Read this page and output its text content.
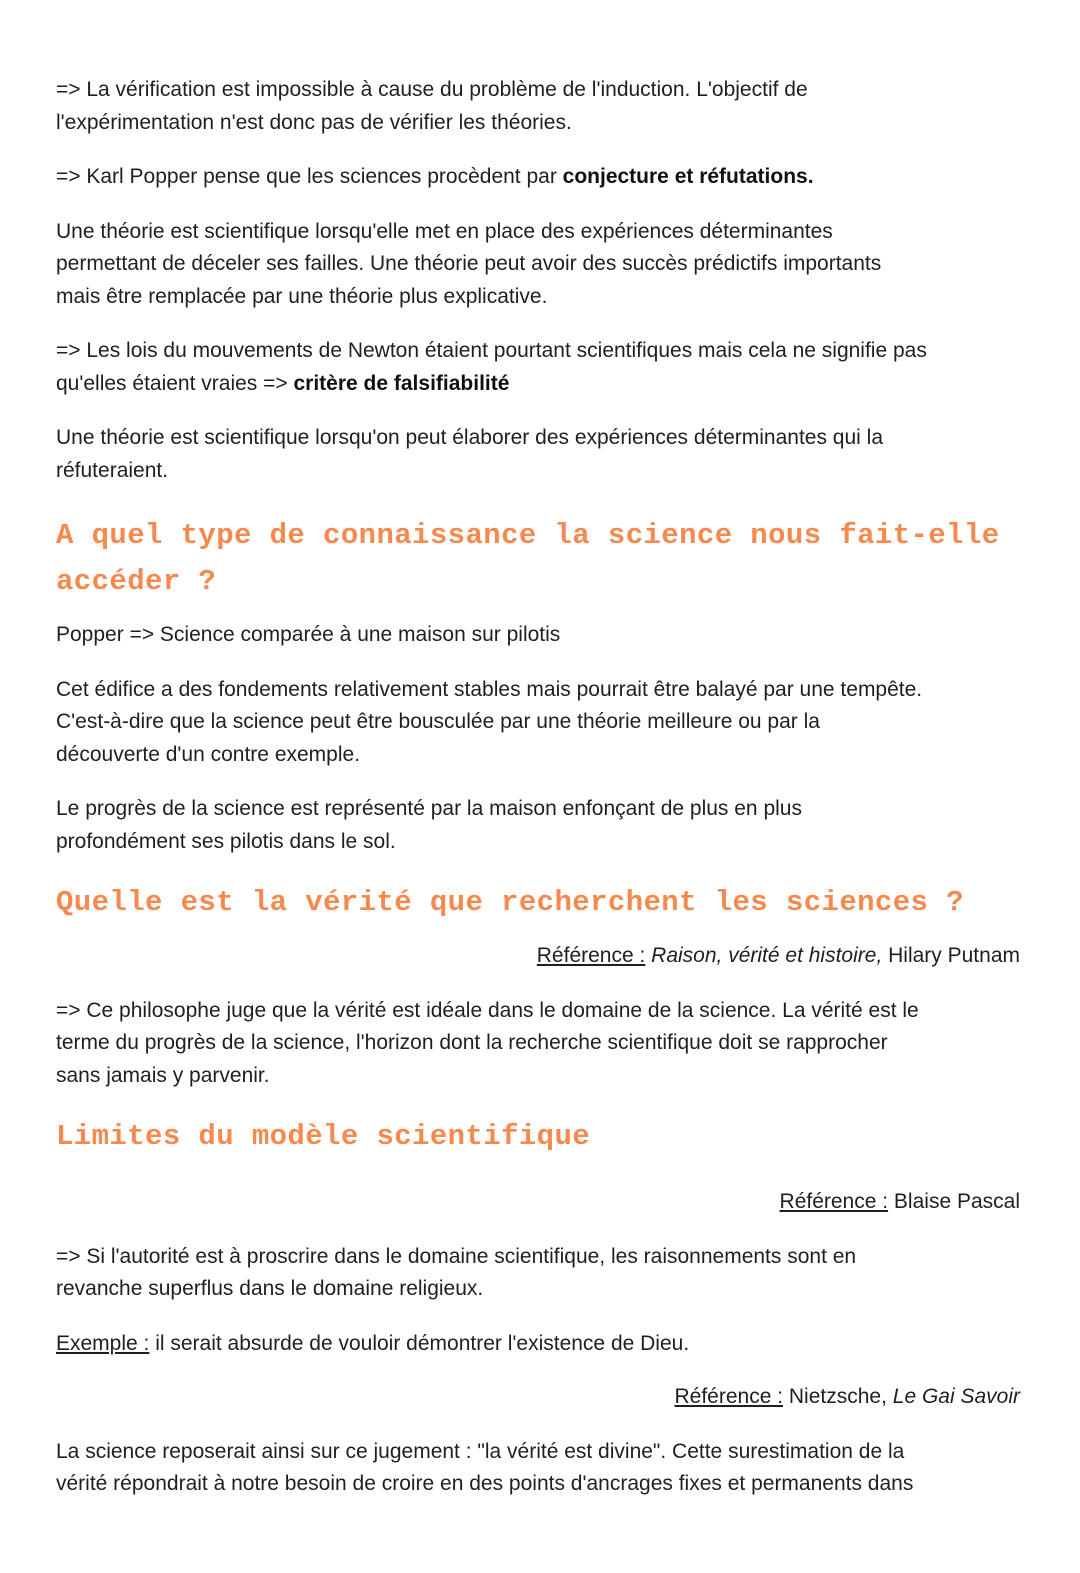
=> La vérification est impossible à cause du problème de l'induction. L'objectif de
l'expérimentation n'est donc pas de vérifier les théories.

=> Karl Popper pense que les sciences procèdent par conjecture et réfutations.

Une théorie est scientifique lorsqu'elle met en place des expériences déterminantes
permettant de déceler ses failles. Une théorie peut avoir des succès prédictifs importants
mais être remplacée par une théorie plus explicative.

=> Les lois du mouvements de Newton étaient pourtant scientifiques mais cela ne signifie pas
qu'elles étaient vraies => critère de falsifiabilité

Une théorie est scientifique lorsqu'on peut élaborer des expériences déterminantes qui la
réfuteraient.

A quel type de connaissance la science nous fait-elle
accéder ?

Popper => Science comparée à une maison sur pilotis

Cet édifice a des fondements relativement stables mais pourrait être balayé par une tempête.
C'est-à-dire que la science peut être bousculée par une théorie meilleure ou par la
découverte d'un contre exemple.

Le progrès de la science est représenté par la maison enfonçant de plus en plus
profondément ses pilotis dans le sol.

Quelle est la vérité que recherchent les sciences ?

Référence : Raison, vérité et histoire, Hilary Putnam

=> Ce philosophe juge que la vérité est idéale dans le domaine de la science. La vérité est le
terme du progrès de la science, l'horizon dont la recherche scientifique doit se rapprocher
sans jamais y parvenir.

Limites du modèle scientifique

Référence : Blaise Pascal

=> Si l'autorité est à proscrire dans le domaine scientifique, les raisonnements sont en
revanche superflus dans le domaine religieux.

Exemple : il serait absurde de vouloir démontrer l'existence de Dieu.

Référence : Nietzsche, Le Gai Savoir

La science reposerait ainsi sur ce jugement : "la vérité est divine". Cette surestimation de la
vérité répondrait à notre besoin de croire en des points d'ancrages fixes et permanents dans
